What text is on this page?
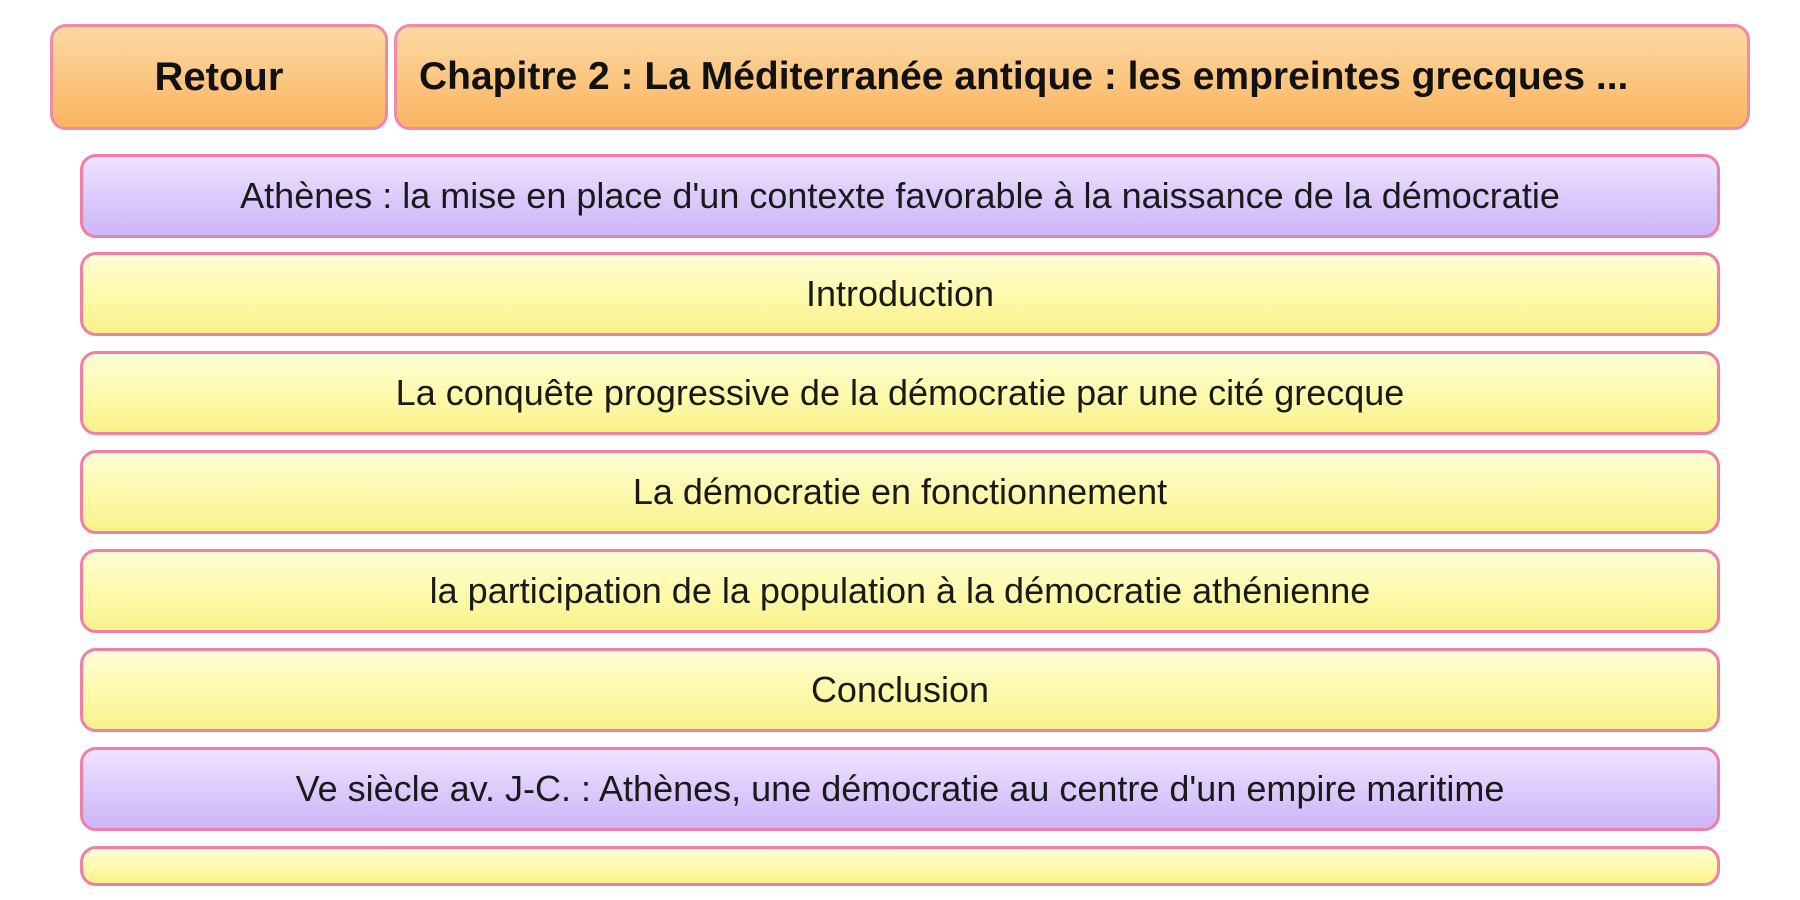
Retour	Chapitre 2 : La Méditerranée antique : les empreintes grecques ...
Athènes : la mise en place d'un contexte favorable à la naissance de la démocratie
Introduction
La conquête progressive de la démocratie par une cité grecque
La démocratie en fonctionnement
la participation de la population à la démocratie athénienne
Conclusion
Ve siècle av. J-C. : Athènes, une démocratie au centre d'un empire maritime
